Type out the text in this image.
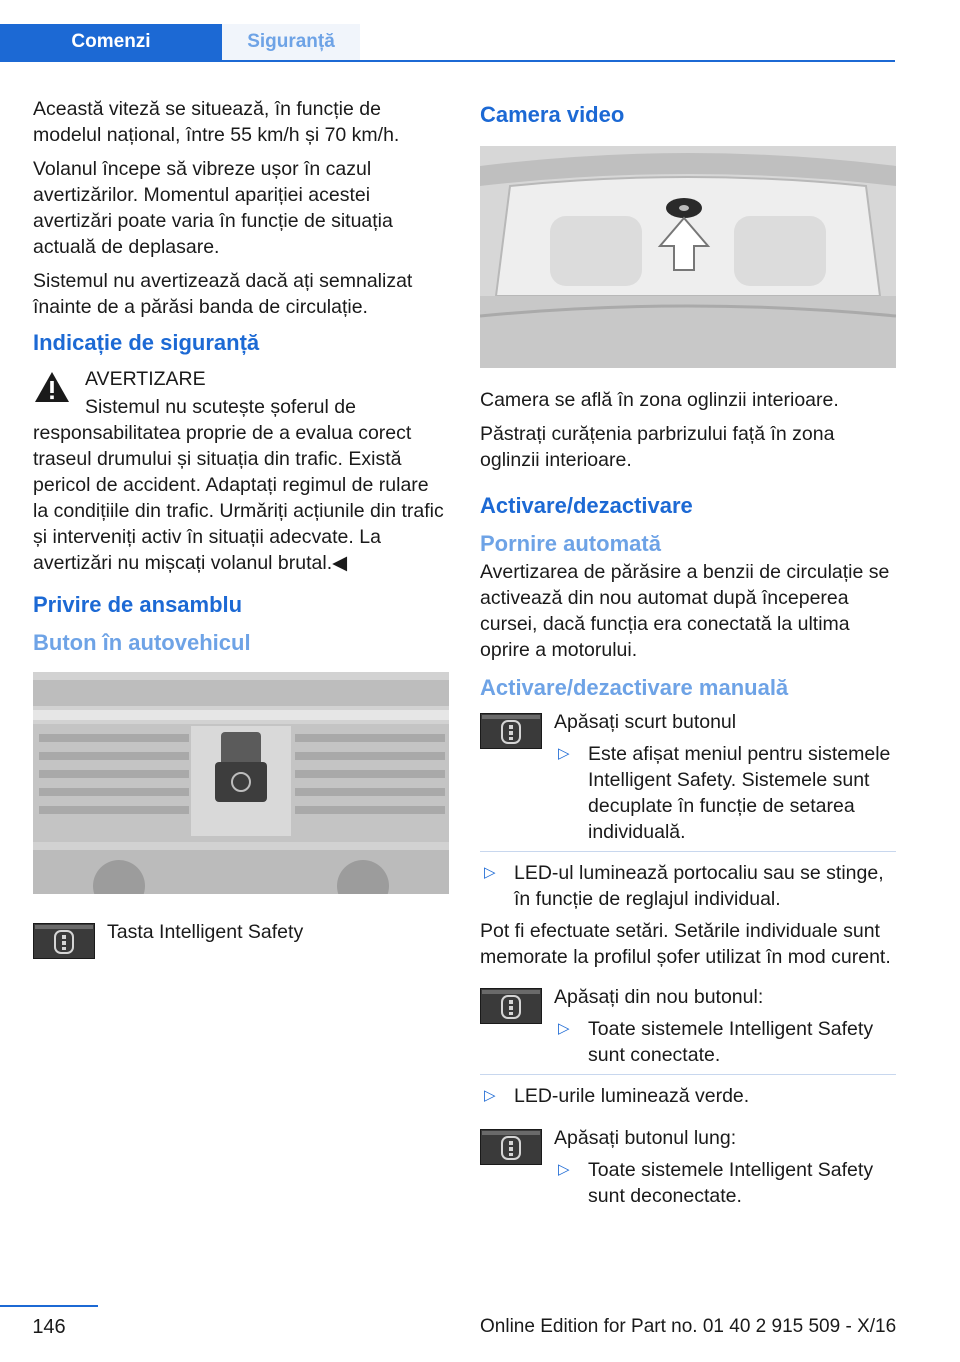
Comenzi	Siguranță

Această viteză se situează, în funcție de modelul național, între 55 km/h și 70 km/h.

Volanul începe să vibreze ușor în cazul avertizărilor. Momentul apariției acestei avertizări poate varia în funcție de situația actuală de deplasare.

Sistemul nu avertizează dacă ați semnalizat înainte de a părăsi banda de circulație.

Indicație de siguranță

AVERTIZARE

Sistemul nu scutește șoferul de responsabilitatea proprie de a evalua corect traseul drumului și situația din trafic. Există pericol de accident. Adaptați regimul de rulare la condițiile din trafic. Urmăriți acțiunile din trafic și interveniți activ în situații adecvate. La avertizări nu mișcați volanul brutal.◀

Privire de ansamblu
Buton în autovehicul

Tasta Intelligent Safety

Camera video

Camera se află în zona oglinzii interioare.

Păstrați curățenia parbrizului față în zona oglinzii interioare.

Activare/dezactivare
Pornire automată

Avertizarea de părăsire a benzii de circulație se activează din nou automat după începerea cursei, dacă funcția era conectată la ultima oprire a motorului.

Activare/dezactivare manuală

Apăsați scurt butonul

▷ Este afișat meniul pentru sistemele Intelligent Safety. Sistemele sunt decuplate în funcție de setarea individuală.
▷ LED-ul luminează portocaliu sau se stinge, în funcție de reglajul individual.

Pot fi efectuate setări. Setările individuale sunt memorate la profilul șofer utilizat în mod curent.

Apăsați din nou butonul:

▷ Toate sistemele Intelligent Safety sunt conectate.
▷ LED-urile luminează verde.

Apăsați butonul lung:

▷ Toate sistemele Intelligent Safety sunt deconectate.
146	Online Edition for Part no. 01 40 2 915 509 - X/16
